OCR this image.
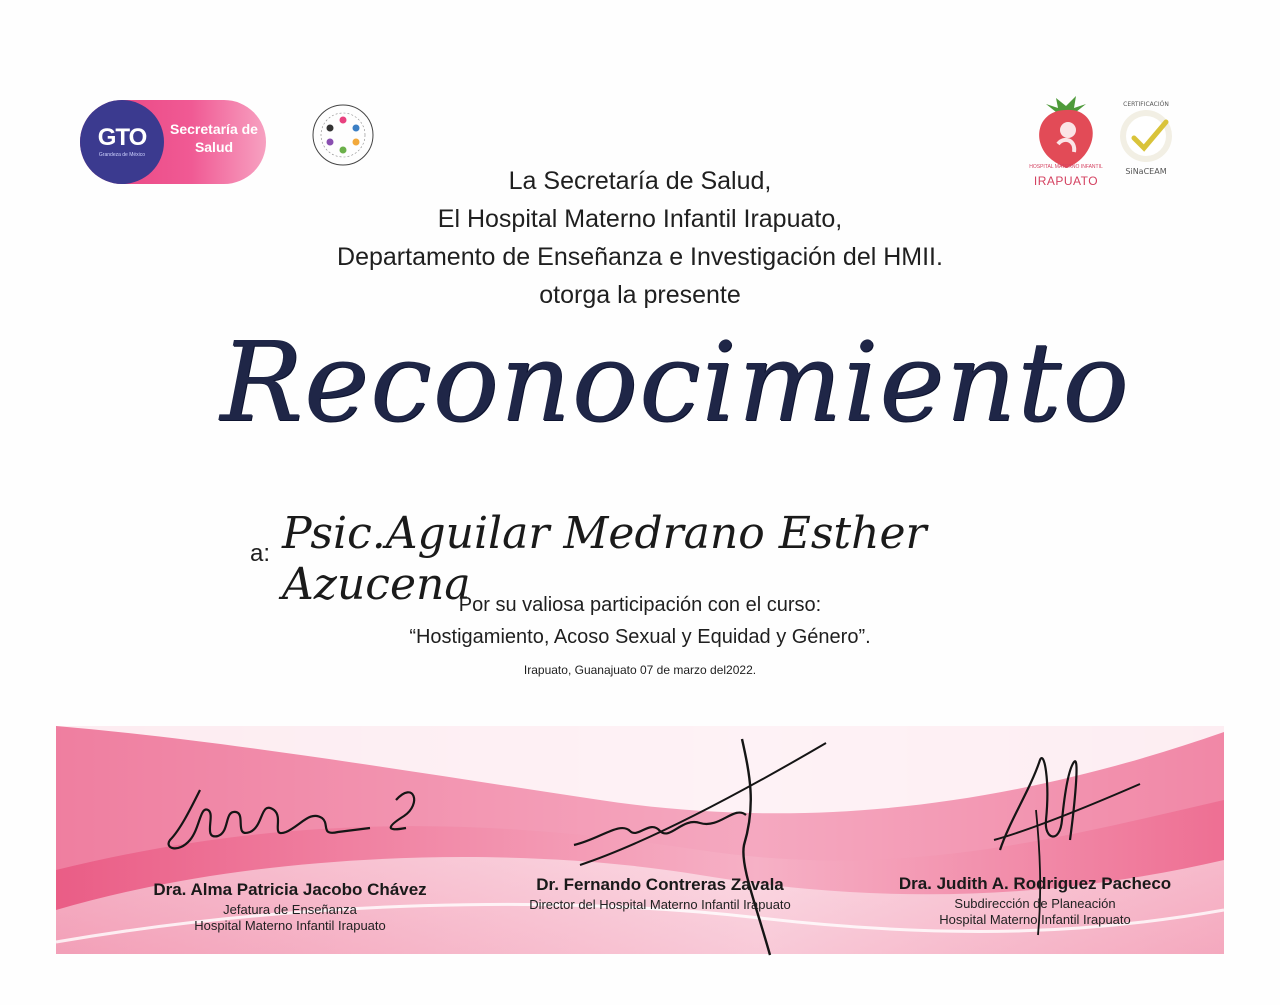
GTO
Grandeza de México
Secretaría de Salud
HOSPITAL MATERNO INFANTIL
IRAPUATO
CERTIFICACIÓN
SiNaCEAM
La Secretaría de Salud,
El Hospital Materno Infantil Irapuato,
Departamento de Enseñanza e Investigación del HMII.
otorga la presente
Reconocimiento
a: Psic.Aguilar Medrano Esther Azucena
Por su valiosa participación con el curso:
“Hostigamiento, Acoso Sexual y Equidad y Género”.
Irapuato, Guanajuato 07 de marzo del2022.
Dra. Alma Patricia Jacobo Chávez
Jefatura de Enseñanza
Hospital Materno Infantil Irapuato
Dr. Fernando Contreras Zavala
Director del Hospital Materno Infantil Irapuato
Dra. Judith A. Rodriguez Pacheco
Subdirección de Planeación
Hospital Materno Infantil Irapuato
